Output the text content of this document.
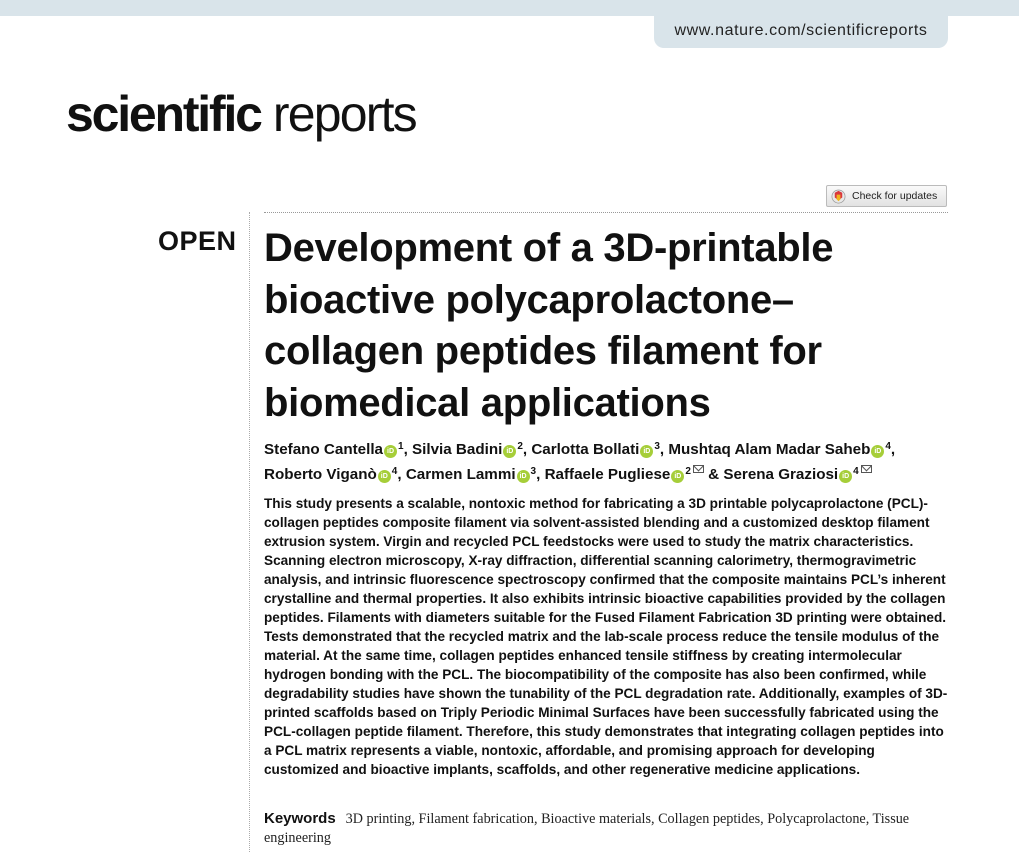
www.nature.com/scientificreports
scientific reports
Check for updates
OPEN Development of a 3D-printable bioactive polycaprolactone–collagen peptides filament for biomedical applications
Stefano Cantella iD $^1$, Silvia Badini iD $^2$, Carlotta Bollati iD $^3$, Mushtaq Alam Madar Saheb iD $^4$,
Roberto Viganò iD $^4$, Carmen Lammi iD $^3$, Raffaele Pugliese iD $^2$ & Serena Graziosi iD $^4$

This study presents a scalable, nontoxic method for fabricating a 3D printable polycaprolactone (PCL)-collagen peptides composite filament via solvent-assisted blending and a customized desktop filament extrusion system. Virgin and recycled PCL feedstocks were used to study the matrix characteristics. Scanning electron microscopy, X-ray diffraction, differential scanning calorimetry, thermogravimetric analysis, and intrinsic fluorescence spectroscopy confirmed that the composite maintains PCL’s inherent crystalline and thermal properties. It also exhibits intrinsic bioactive capabilities provided by the collagen peptides. Filaments with diameters suitable for the Fused Filament Fabrication 3D printing were obtained. Tests demonstrated that the recycled matrix and the lab-scale process reduce the tensile modulus of the material. At the same time, collagen peptides enhanced tensile stiffness by creating intermolecular hydrogen bonding with the PCL. The biocompatibility of the composite has also been confirmed, while degradability studies have shown the tunability of the PCL degradation rate. Additionally, examples of 3D-printed scaffolds based on Triply Periodic Minimal Surfaces have been successfully fabricated using the PCL-collagen peptide filament. Therefore, this study demonstrates that integrating collagen peptides into a PCL matrix represents a viable, nontoxic, affordable, and promising approach for developing customized and bioactive implants, scaffolds, and other regenerative medicine applications.

Keywords 3D printing, Filament fabrication, Bioactive materials, Collagen peptides, Polycaprolactone, Tissue engineering
